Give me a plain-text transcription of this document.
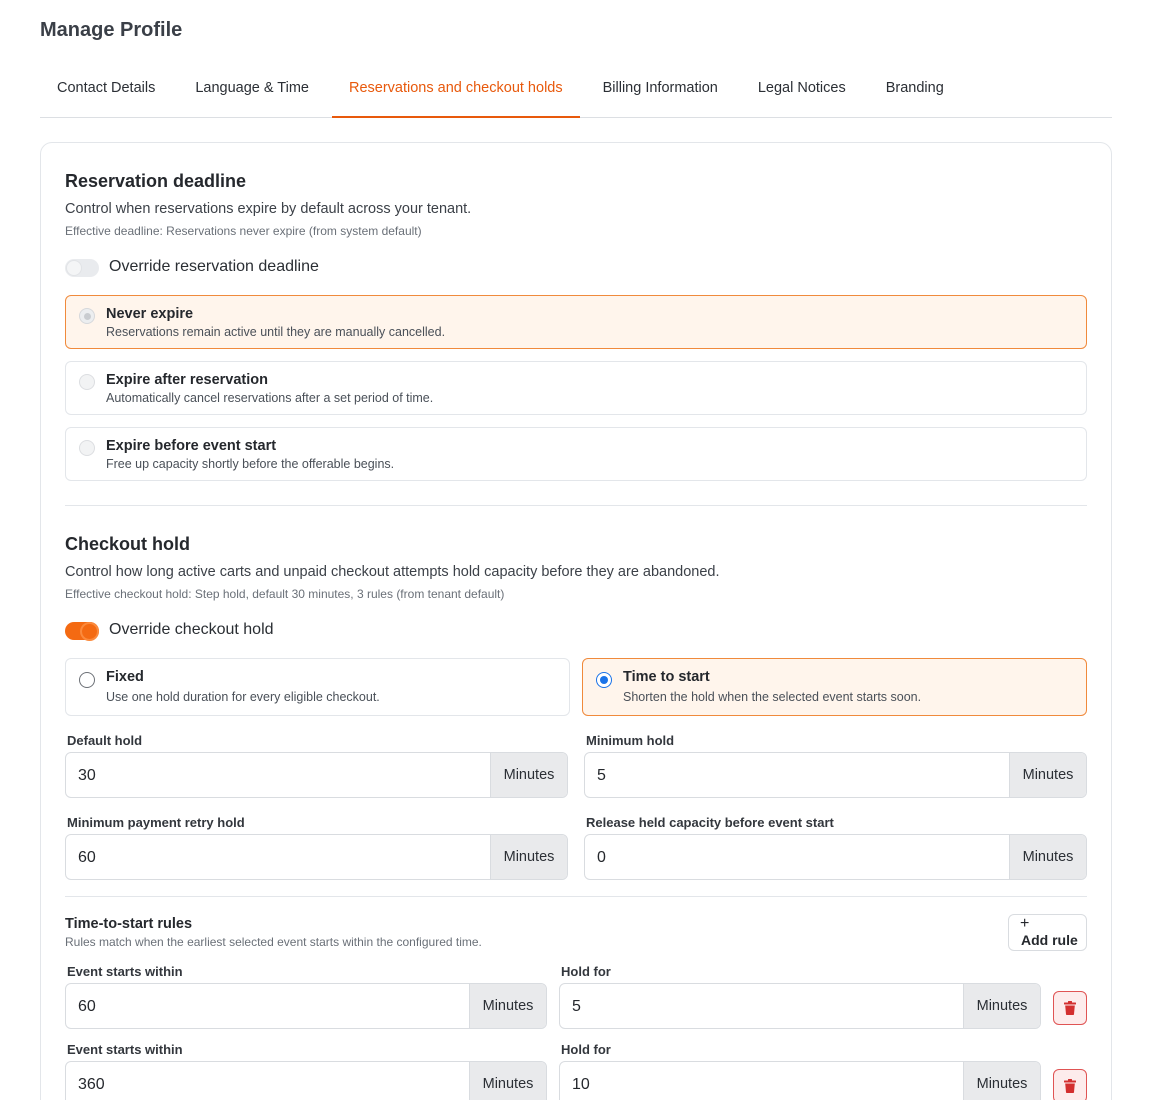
Manage Profile
Contact Details	Language & Time	Reservations and checkout holds	Billing Information	Legal Notices	Branding
Reservation deadline
Control when reservations expire by default across your tenant.
Effective deadline: Reservations never expire (from system default)
Override reservation deadline
Never expire
Reservations remain active until they are manually cancelled.
Expire after reservation
Automatically cancel reservations after a set period of time.
Expire before event start
Free up capacity shortly before the offerable begins.
Checkout hold
Control how long active carts and unpaid checkout attempts hold capacity before they are abandoned.
Effective checkout hold: Step hold, default 30 minutes, 3 rules (from tenant default)
Override checkout hold
Fixed
Use one hold duration for every eligible checkout.
Time to start
Shorten the hold when the selected event starts soon.
Default hold
30	Minutes
Minimum hold
5	Minutes
Minimum payment retry hold
60	Minutes
Release held capacity before event start
0	Minutes
Time-to-start rules
Rules match when the earliest selected event starts within the configured time.
+
Add rule
Event starts within
60	Minutes
Hold for
5	Minutes
Event starts within
360	Minutes
Hold for
10	Minutes
